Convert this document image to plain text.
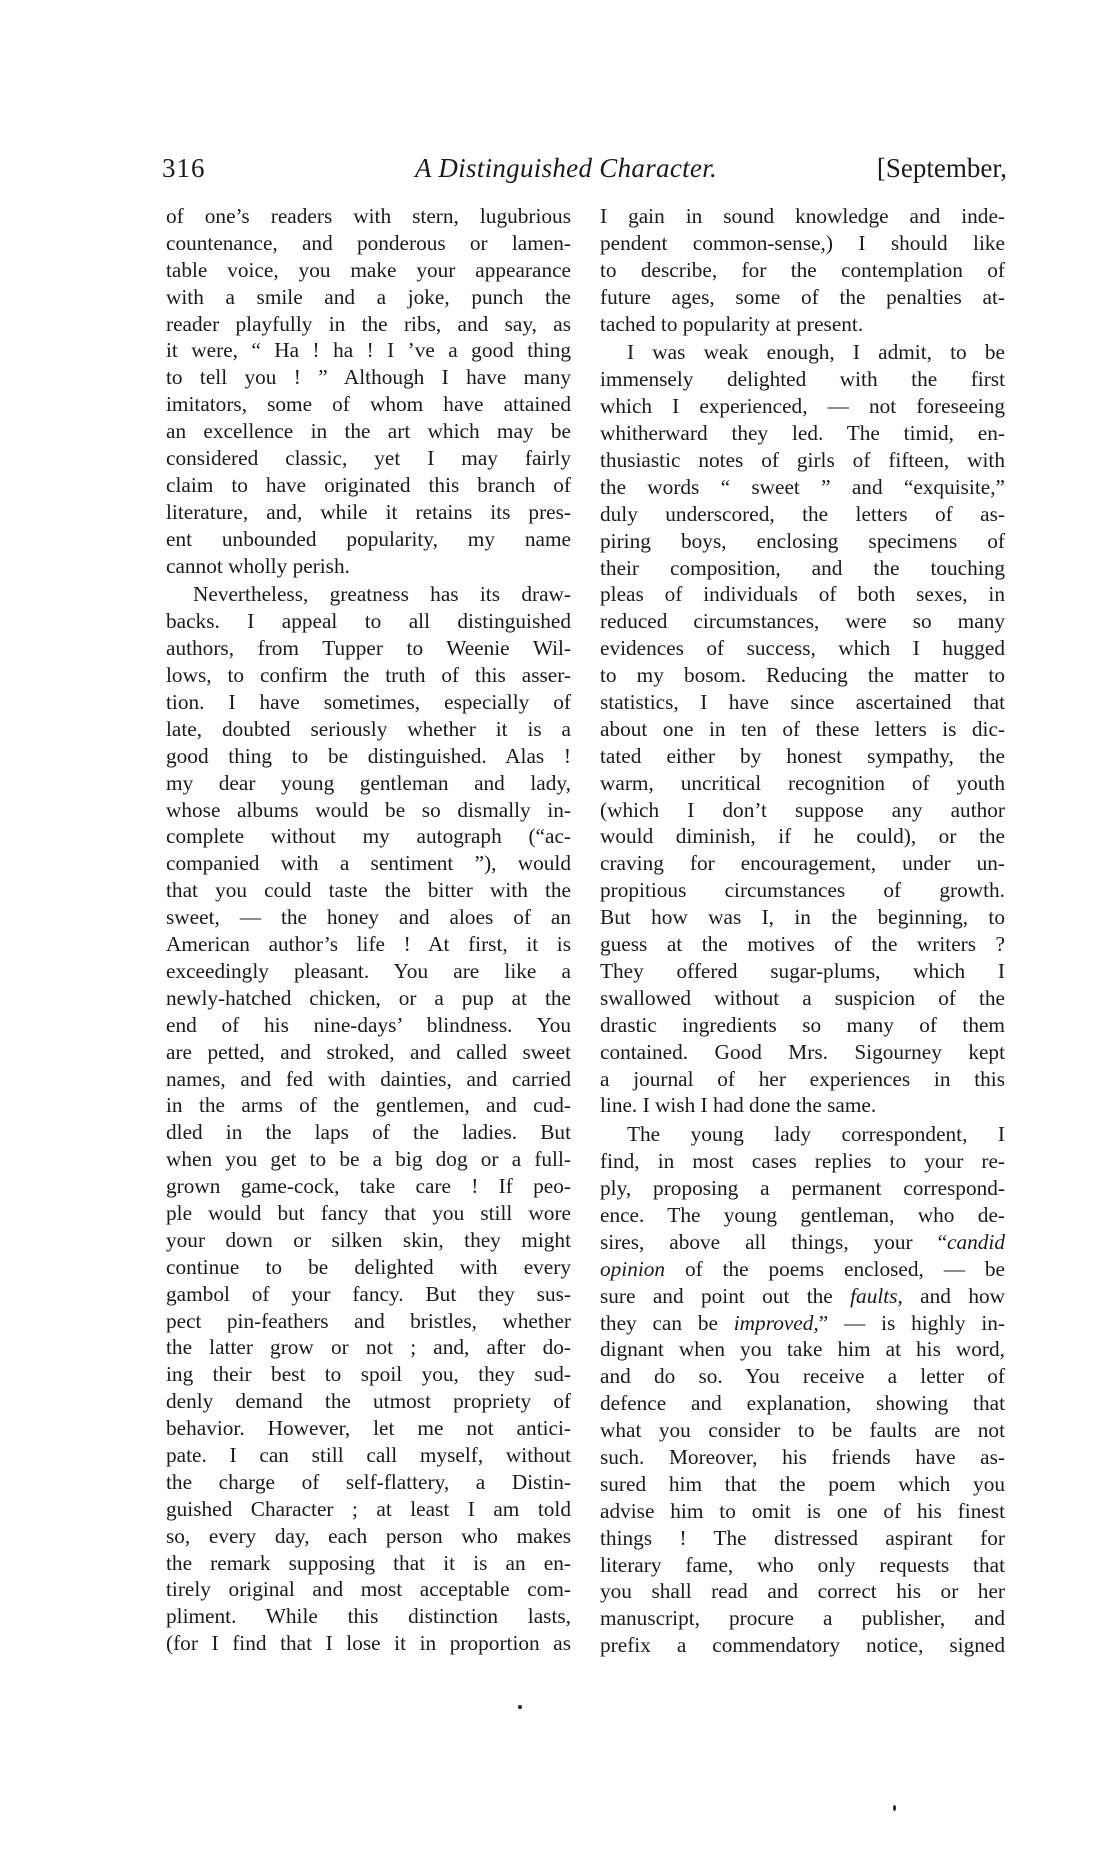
316	A Distinguished Character.	[September,
of one’s readers with stern, lugubrious
countenance, and ponderous or lamen-
table voice, you make your appearance
with a smile and a joke, punch the
reader playfully in the ribs, and say, as
it were, “ Ha ! ha ! I ’ve a good thing
to tell you ! ” Although I have many
imitators, some of whom have attained
an excellence in the art which may be
considered classic, yet I may fairly
claim to have originated this branch of
literature, and, while it retains its pres-
ent unbounded popularity, my name
cannot wholly perish.
Nevertheless, greatness has its draw-
backs. I appeal to all distinguished
authors, from Tupper to Weenie Wil-
lows, to confirm the truth of this asser-
tion. I have sometimes, especially of
late, doubted seriously whether it is a
good thing to be distinguished. Alas !
my dear young gentleman and lady,
whose albums would be so dismally in-
complete without my autograph (“ac-
companied with a sentiment ”), would
that you could taste the bitter with the
sweet, — the honey and aloes of an
American author’s life ! At first, it is
exceedingly pleasant. You are like a
newly-hatched chicken, or a pup at the
end of his nine-days’ blindness. You
are petted, and stroked, and called sweet
names, and fed with dainties, and carried
in the arms of the gentlemen, and cud-
dled in the laps of the ladies. But
when you get to be a big dog or a full-
grown game-cock, take care ! If peo-
ple would but fancy that you still wore
your down or silken skin, they might
continue to be delighted with every
gambol of your fancy. But they sus-
pect pin-feathers and bristles, whether
the latter grow or not ; and, after do-
ing their best to spoil you, they sud-
denly demand the utmost propriety of
behavior. However, let me not antici-
pate. I can still call myself, without
the charge of self-flattery, a Distin-
guished Character ; at least I am told
so, every day, each person who makes
the remark supposing that it is an en-
tirely original and most acceptable com-
pliment. While this distinction lasts,
(for I find that I lose it in proportion as
I gain in sound knowledge and inde-
pendent common-sense,) I should like
to describe, for the contemplation of
future ages, some of the penalties at-
tached to popularity at present.
I was weak enough, I admit, to be
immensely delighted with the first
which I experienced, — not foreseeing
whitherward they led. The timid, en-
thusiastic notes of girls of fifteen, with
the words “ sweet ” and “exquisite,”
duly underscored, the letters of as-
piring boys, enclosing specimens of
their composition, and the touching
pleas of individuals of both sexes, in
reduced circumstances, were so many
evidences of success, which I hugged
to my bosom. Reducing the matter to
statistics, I have since ascertained that
about one in ten of these letters is dic-
tated either by honest sympathy, the
warm, uncritical recognition of youth
(which I don’t suppose any author
would diminish, if he could), or the
craving for encouragement, under un-
propitious circumstances of growth.
But how was I, in the beginning, to
guess at the motives of the writers ?
They offered sugar-plums, which I
swallowed without a suspicion of the
drastic ingredients so many of them
contained. Good Mrs. Sigourney kept
a journal of her experiences in this
line. I wish I had done the same.
The young lady correspondent, I
find, in most cases replies to your re-
ply, proposing a permanent correspond-
ence. The young gentleman, who de-
sires, above all things, your “candid
opinion of the poems enclosed, — be
sure and point out the faults, and how
they can be improved,” — is highly in-
dignant when you take him at his word,
and do so. You receive a letter of
defence and explanation, showing that
what you consider to be faults are not
such. Moreover, his friends have as-
sured him that the poem which you
advise him to omit is one of his finest
things ! The distressed aspirant for
literary fame, who only requests that
you shall read and correct his or her
manuscript, procure a publisher, and
prefix a commendatory notice, signed
